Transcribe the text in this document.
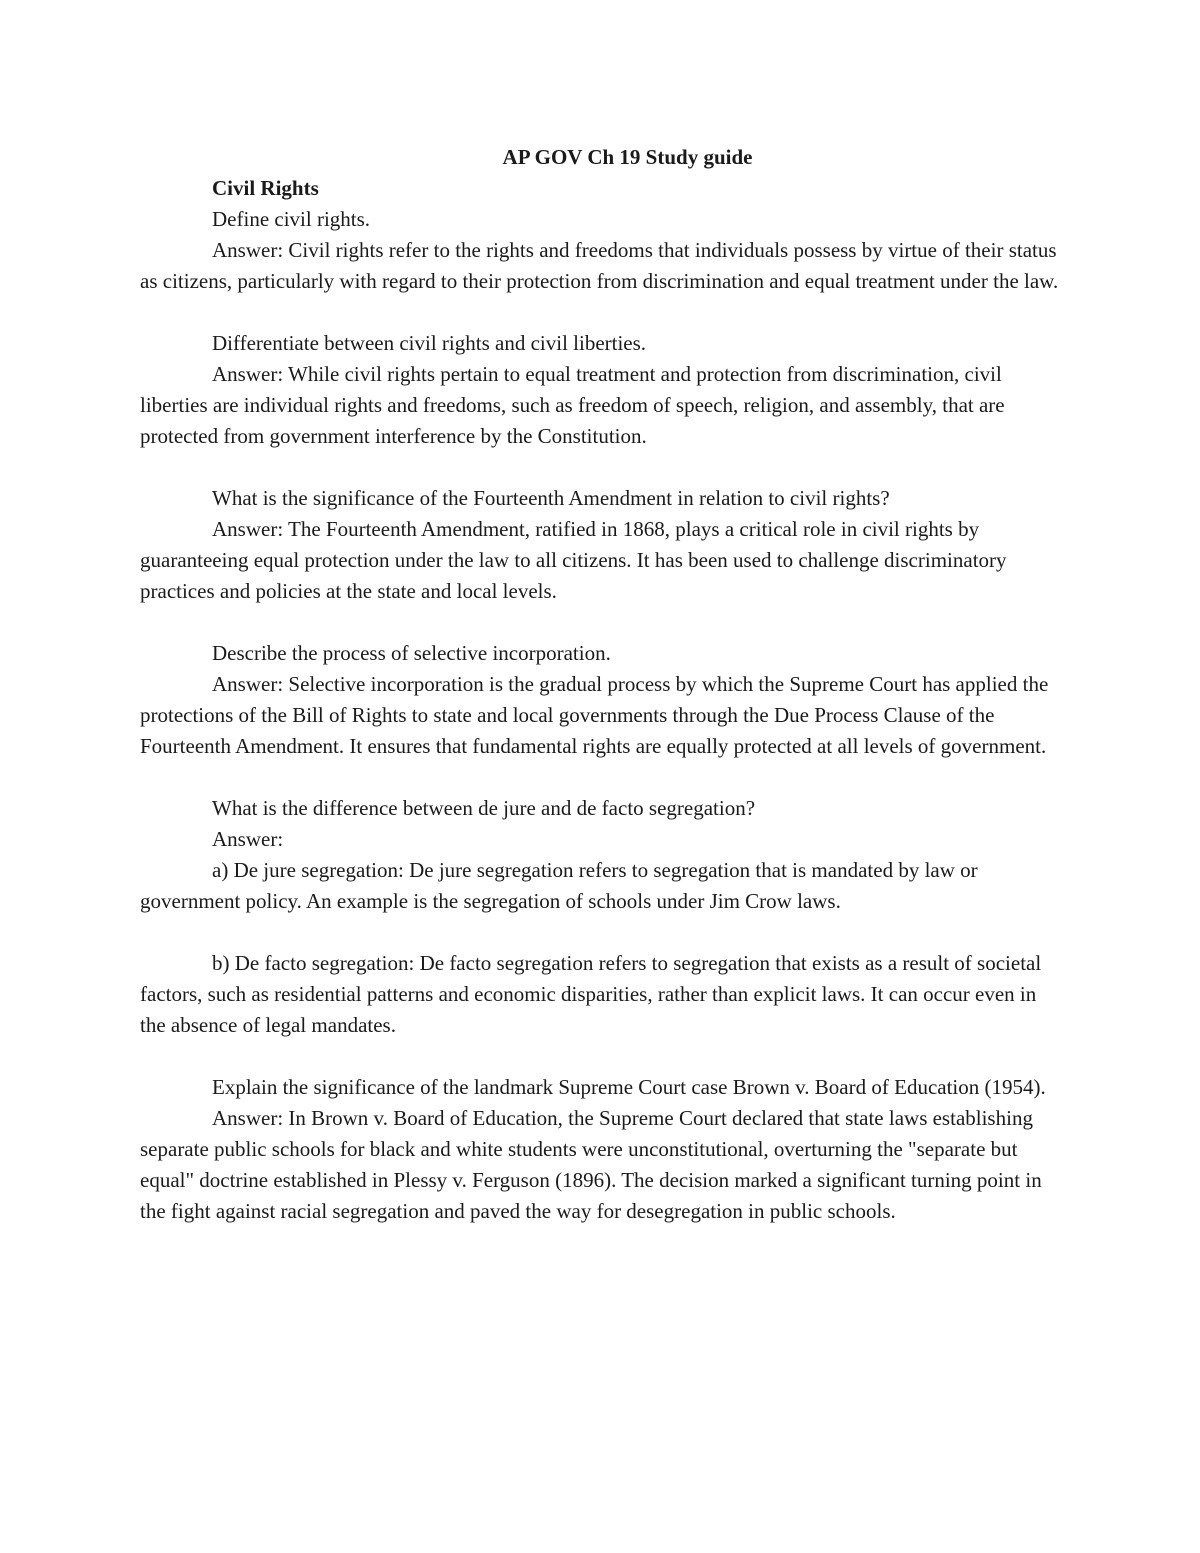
AP GOV Ch 19 Study guide
Civil Rights

Define civil rights.

Answer: Civil rights refer to the rights and freedoms that individuals possess by virtue of their status as citizens, particularly with regard to their protection from discrimination and equal treatment under the law.

Differentiate between civil rights and civil liberties.

Answer: While civil rights pertain to equal treatment and protection from discrimination, civil liberties are individual rights and freedoms, such as freedom of speech, religion, and assembly, that are protected from government interference by the Constitution.

What is the significance of the Fourteenth Amendment in relation to civil rights?

Answer: The Fourteenth Amendment, ratified in 1868, plays a critical role in civil rights by guaranteeing equal protection under the law to all citizens. It has been used to challenge discriminatory practices and policies at the state and local levels.

Describe the process of selective incorporation.

Answer: Selective incorporation is the gradual process by which the Supreme Court has applied the protections of the Bill of Rights to state and local governments through the Due Process Clause of the Fourteenth Amendment. It ensures that fundamental rights are equally protected at all levels of government.

What is the difference between de jure and de facto segregation?

Answer:

a) De jure segregation: De jure segregation refers to segregation that is mandated by law or government policy. An example is the segregation of schools under Jim Crow laws.

b) De facto segregation: De facto segregation refers to segregation that exists as a result of societal factors, such as residential patterns and economic disparities, rather than explicit laws. It can occur even in the absence of legal mandates.

Explain the significance of the landmark Supreme Court case Brown v. Board of Education (1954).

Answer: In Brown v. Board of Education, the Supreme Court declared that state laws establishing separate public schools for black and white students were unconstitutional, overturning the "separate but equal" doctrine established in Plessy v. Ferguson (1896). The decision marked a significant turning point in the fight against racial segregation and paved the way for desegregation in public schools.
